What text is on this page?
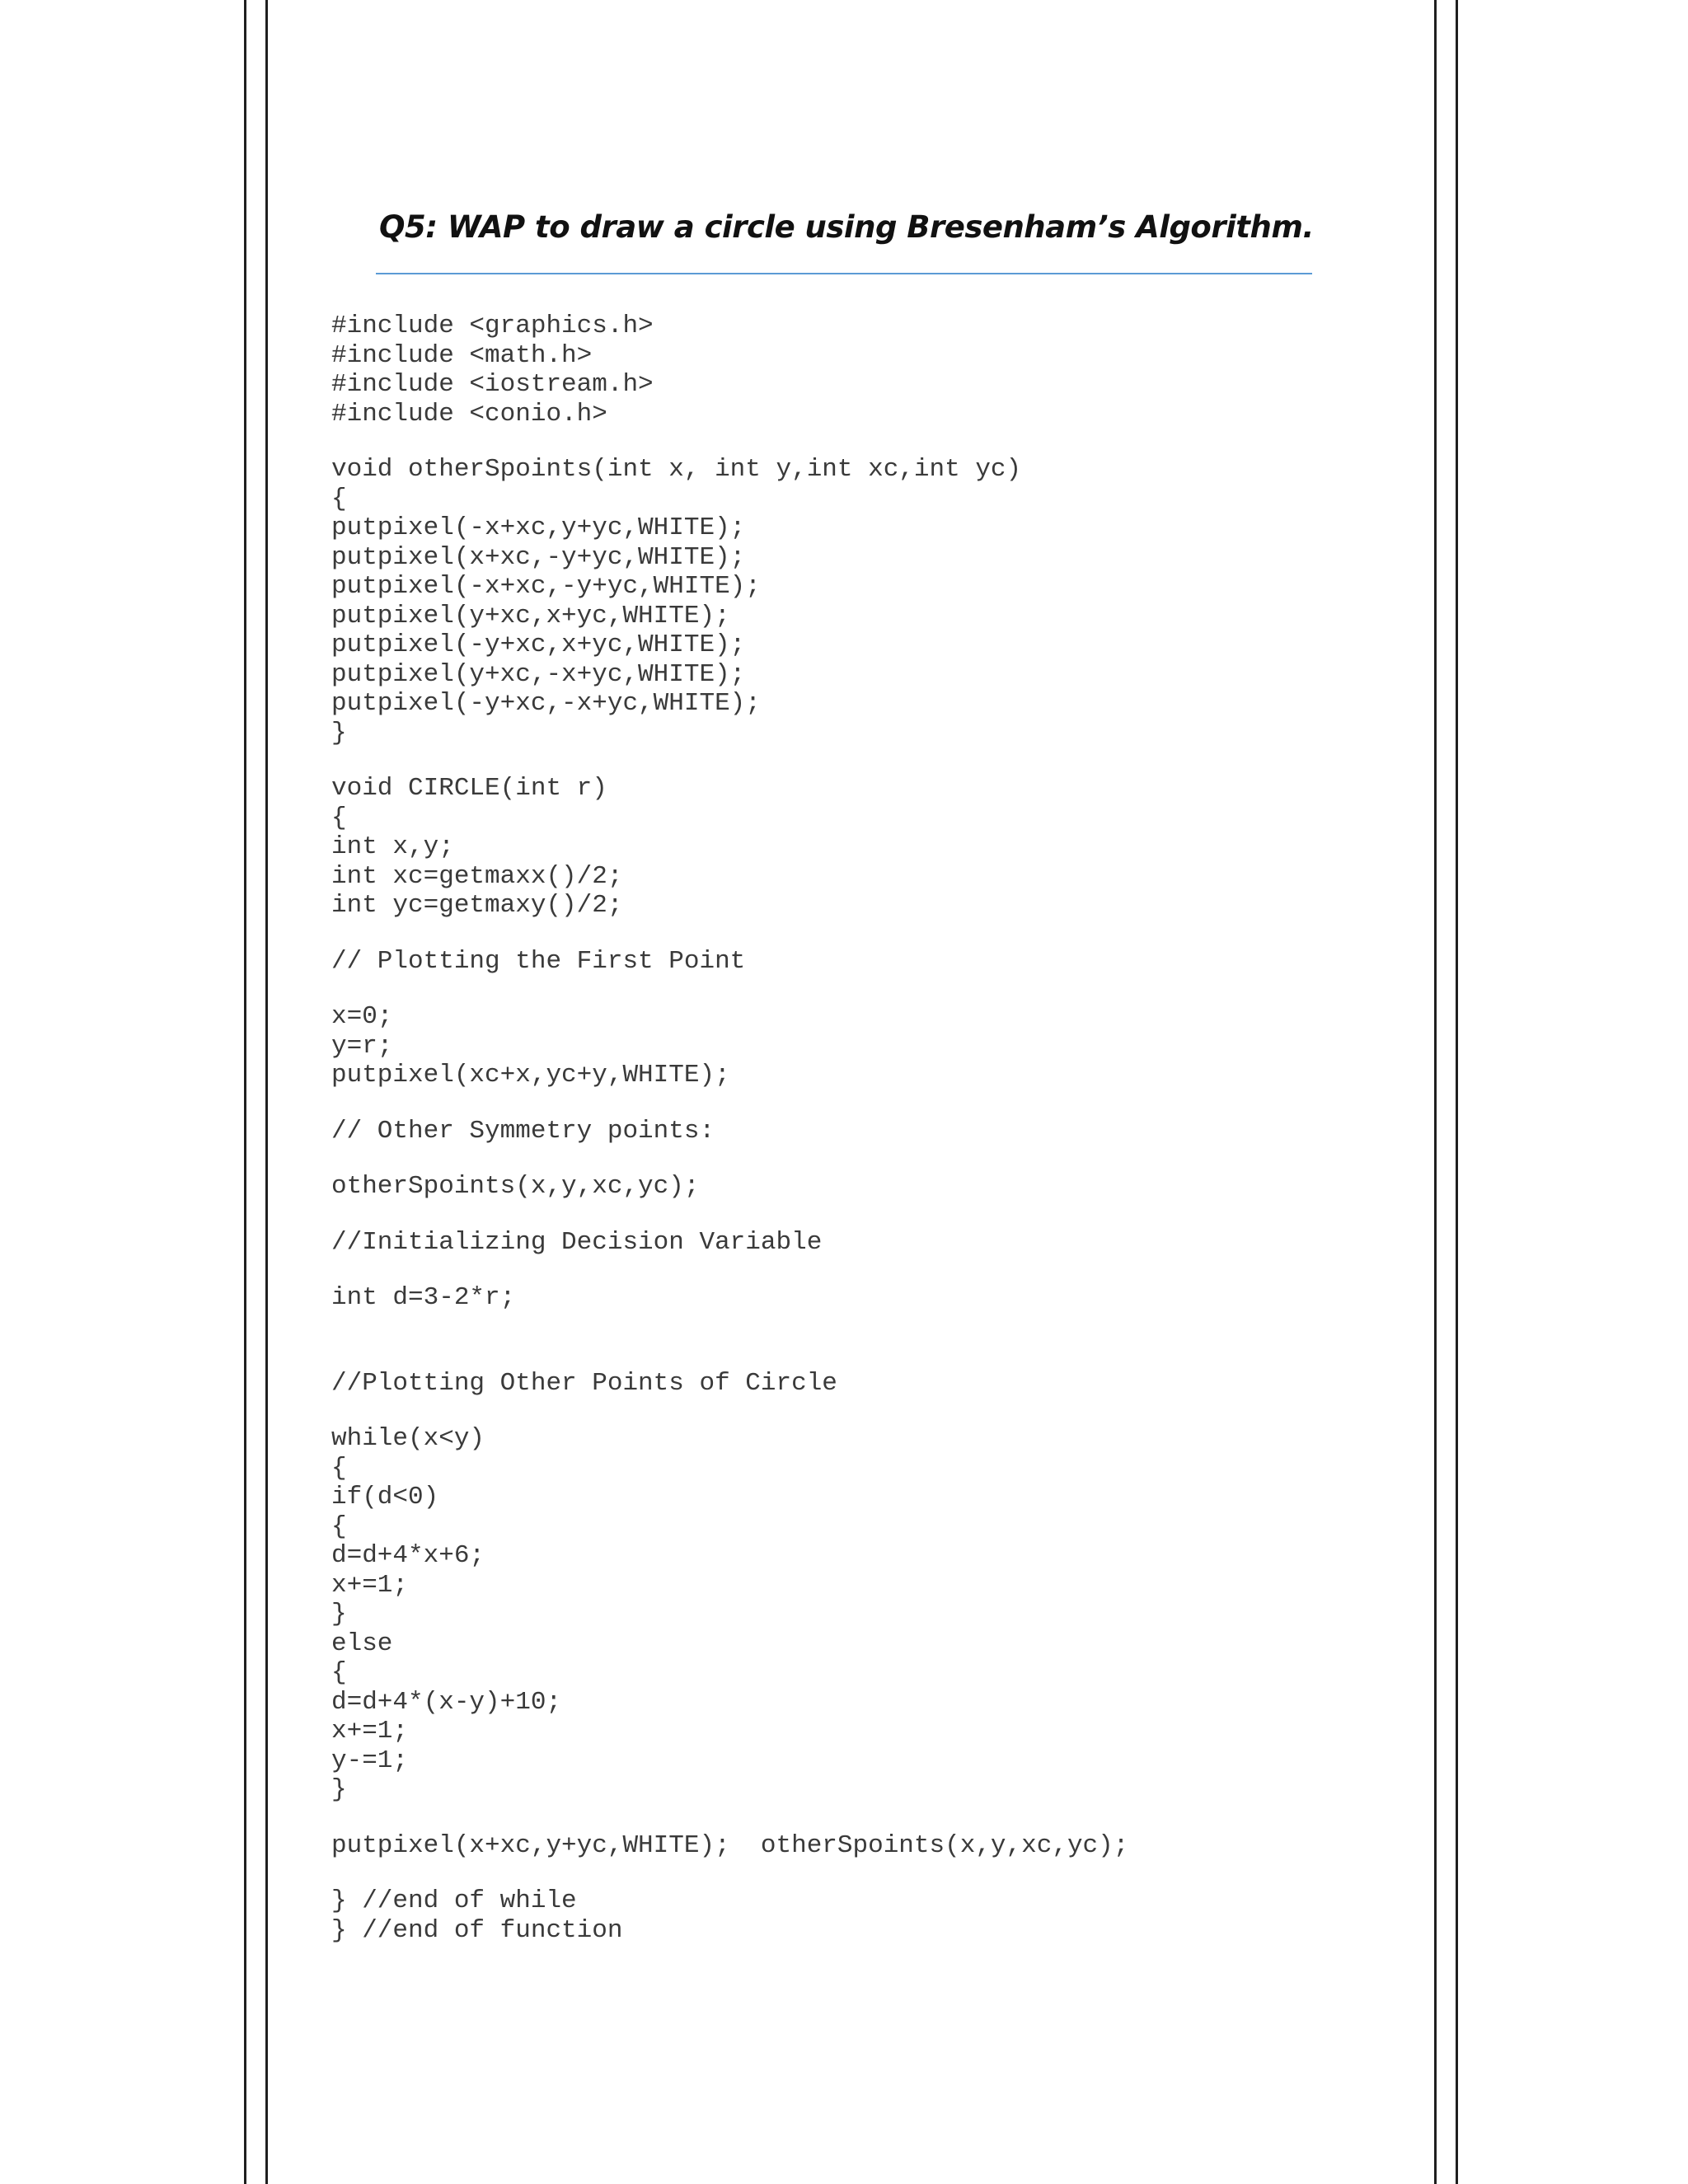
Q5: WAP to draw a circle using Bresenham’s Algorithm.
#include <graphics.h>
#include <math.h>
#include <iostream.h>
#include <conio.h>
void otherSpoints(int x, int y,int xc,int yc)
{
putpixel(-x+xc,y+yc,WHITE);
putpixel(x+xc,-y+yc,WHITE);
putpixel(-x+xc,-y+yc,WHITE);
putpixel(y+xc,x+yc,WHITE);
putpixel(-y+xc,x+yc,WHITE);
putpixel(y+xc,-x+yc,WHITE);
putpixel(-y+xc,-x+yc,WHITE);
}
void CIRCLE(int r)
{
int x,y;
int xc=getmaxx()/2;
int yc=getmaxy()/2;
// Plotting the First Point
x=0;
y=r;
putpixel(xc+x,yc+y,WHITE);
// Other Symmetry points:
otherSpoints(x,y,xc,yc);
//Initializing Decision Variable
int d=3-2*r;
//Plotting Other Points of Circle
while(x<y)
{
if(d<0)
{
d=d+4*x+6;
x+=1;
}
else
{
d=d+4*(x-y)+10;
x+=1;
y-=1;
}
putpixel(x+xc,y+yc,WHITE);  otherSpoints(x,y,xc,yc);
} //end of while
} //end of function
